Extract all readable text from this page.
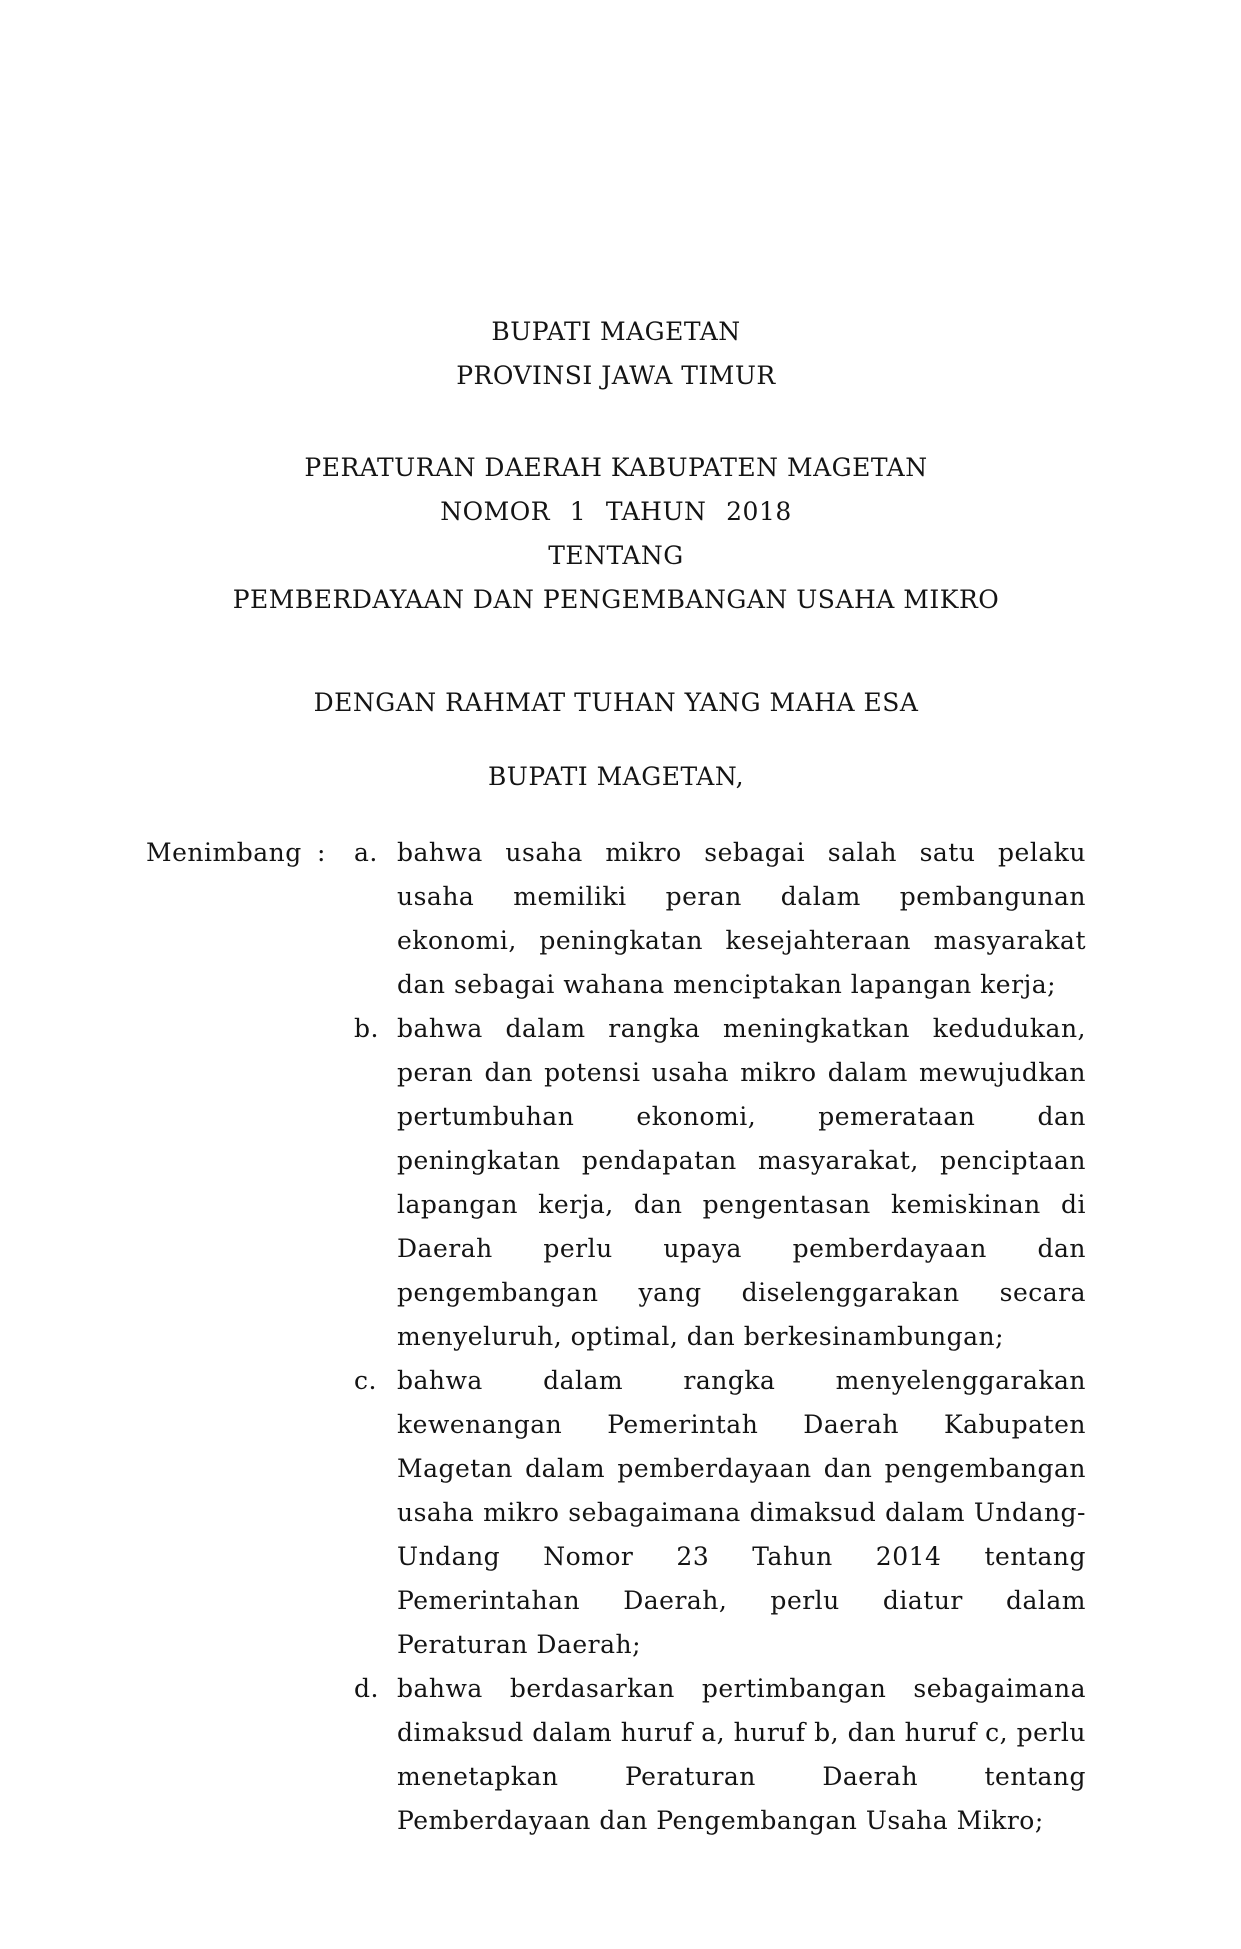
BUPATI MAGETAN
PROVINSI JAWA TIMUR
PERATURAN DAERAH KABUPATEN MAGETAN
NOMOR 1 TAHUN 2018
TENTANG
PEMBERDAYAAN DAN PENGEMBANGAN USAHA MIKRO
DENGAN RAHMAT TUHAN YANG MAHA ESA
BUPATI MAGETAN,
Menimbang :	a. bahwa usaha mikro sebagai salah satu pelaku usaha memiliki peran dalam pembangunan ekonomi, peningkatan kesejahteraan masyarakat dan sebagai wahana menciptakan lapangan kerja;
b. bahwa dalam rangka meningkatkan kedudukan, peran dan potensi usaha mikro dalam mewujudkan pertumbuhan ekonomi, pemerataan dan peningkatan pendapatan masyarakat, penciptaan lapangan kerja, dan pengentasan kemiskinan di Daerah perlu upaya pemberdayaan dan pengembangan yang diselenggarakan secara menyeluruh, optimal, dan berkesinambungan;
c. bahwa dalam rangka menyelenggarakan kewenangan Pemerintah Daerah Kabupaten Magetan dalam pemberdayaan dan pengembangan usaha mikro sebagaimana dimaksud dalam Undang-Undang Nomor 23 Tahun 2014 tentang Pemerintahan Daerah, perlu diatur dalam Peraturan Daerah;
d. bahwa berdasarkan pertimbangan sebagaimana dimaksud dalam huruf a, huruf b, dan huruf c, perlu menetapkan Peraturan Daerah tentang Pemberdayaan dan Pengembangan Usaha Mikro;
